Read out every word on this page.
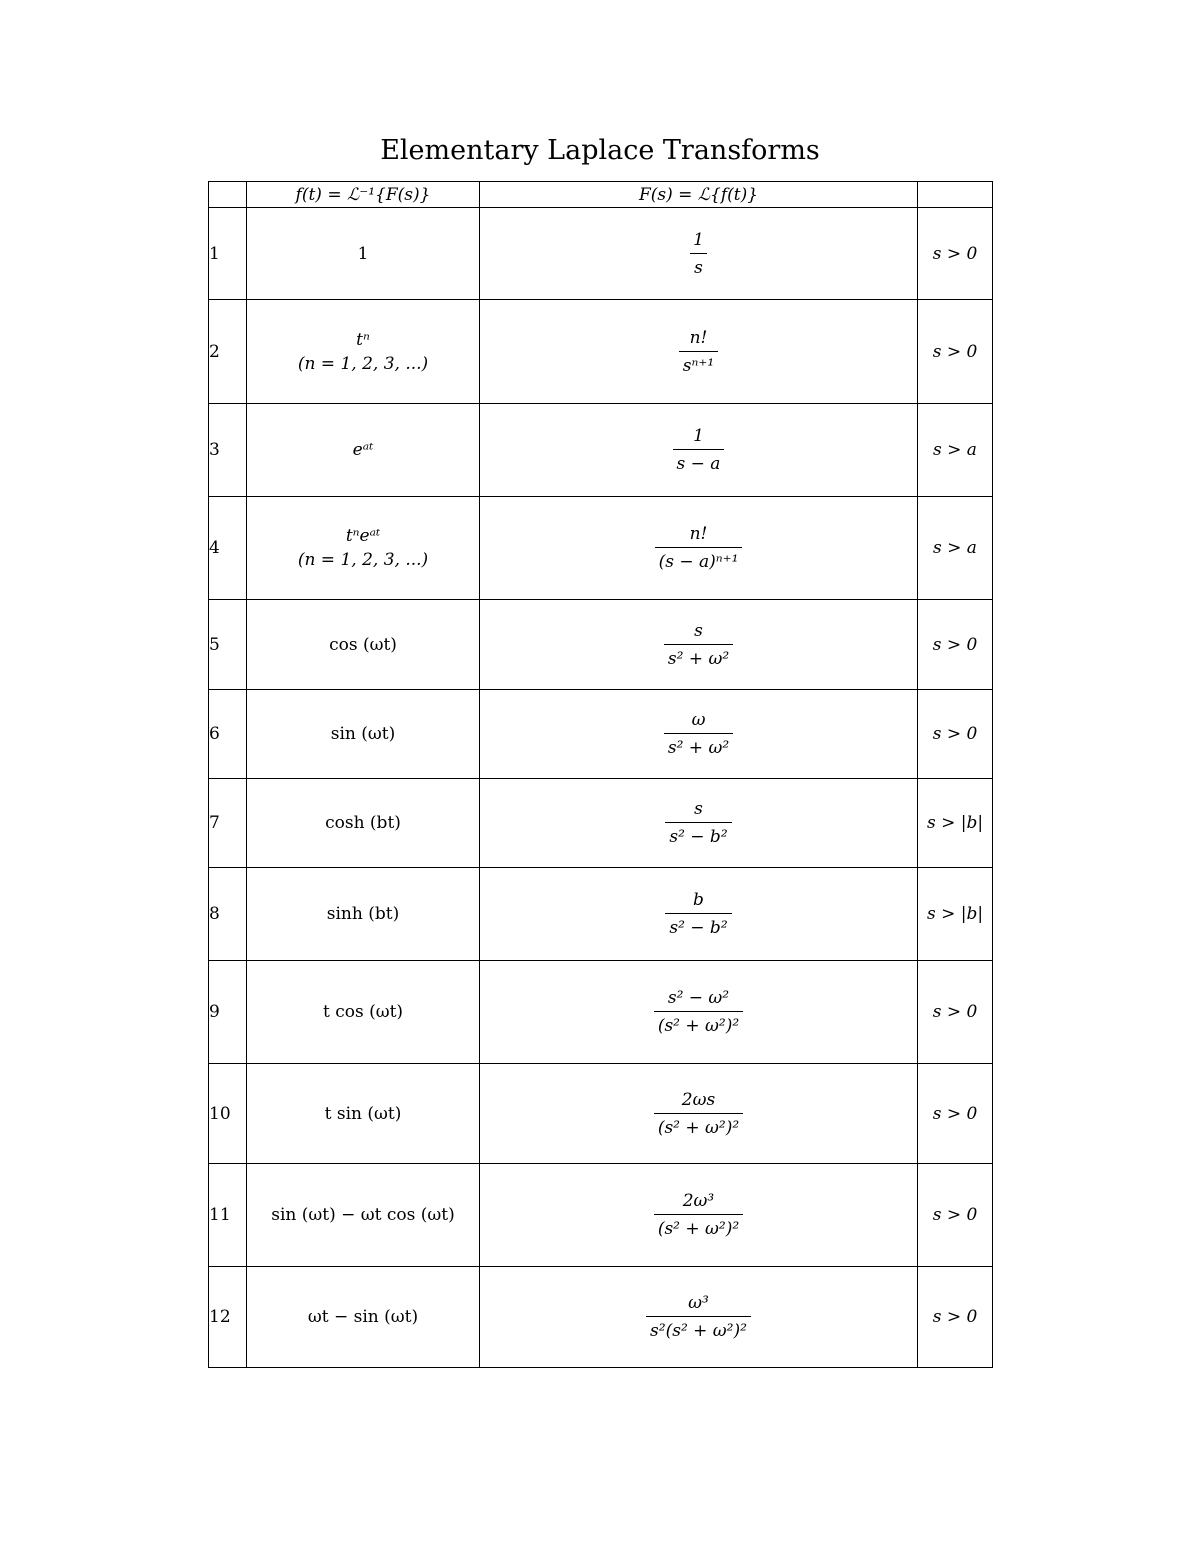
Elementary Laplace Transforms
	f(t) = ℒ⁻¹{F(s)}	F(s) = ℒ{f(t)}	
1	1	$\frac{1}{s}$	s > 0
2	tⁿ
(n = 1, 2, 3, ...)	$\frac{n!}{\text{sⁿ⁺¹}}$	s > 0
3	eᵃᵗ	$\frac{1}{s - a}$	s > a
4	tⁿeᵃᵗ
(n = 1, 2, 3, ...)	$\frac{n!}{\text{(s − a)ⁿ⁺¹}}$	s > a
5	cos (ωt)	$\frac{s}{\text{s² + ω²}}$	s > 0
6	sin (ωt)	$\frac{\omega}{\text{s² + ω²}}$	s > 0
7	cosh (bt)	$\frac{s}{\text{s² − b²}}$	s > |b|
8	sinh (bt)	$\frac{b}{\text{s² − b²}}$	s > |b|
9	t cos (ωt)	$\frac{\text{s² − ω²}}{\text{(s² + ω²)²}}$	s > 0
10	t sin (ωt)	$\frac{2\omega s}{\text{(s² + ω²)²}}$	s > 0
11	sin (ωt) − ωt cos (ωt)	$\frac{\text{2ω³}}{\text{(s² + ω²)²}}$	s > 0
12	ωt − sin (ωt)	$\frac{\text{ω³}}{\text{s²(s² + ω²)²}}$	s > 0
